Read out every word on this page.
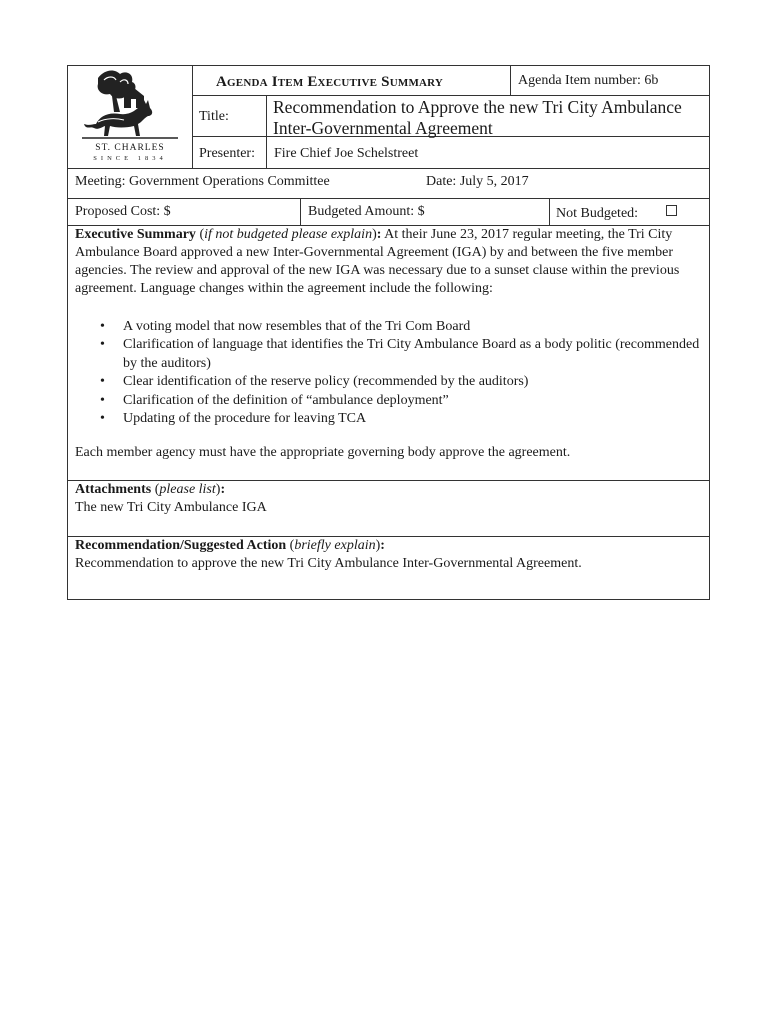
ST. CHARLES
SINCE 1834
Agenda Item Executive Summary	Agenda Item number: 6b
Title:	Recommendation to Approve the new Tri City Ambulance Inter-Governmental Agreement
Presenter: Fire Chief Joe Schelstreet
Meeting: Government Operations Committee	Date: July 5, 2017
Proposed Cost: $	Budgeted Amount: $	Not Budgeted:

Executive Summary (if not budgeted please explain): At their June 23, 2017 regular meeting, the Tri City Ambulance Board approved a new Inter-Governmental Agreement (IGA) by and between the five member agencies. The review and approval of the new IGA was necessary due to a sunset clause within the previous agreement. Language changes within the agreement include the following:

• A voting model that now resembles that of the Tri Com Board
• Clarification of language that identifies the Tri City Ambulance Board as a body politic (recommended by the auditors)
• Clear identification of the reserve policy (recommended by the auditors)
• Clarification of the definition of “ambulance deployment”
• Updating of the procedure for leaving TCA
Each member agency must have the appropriate governing body approve the agreement.
Attachments (please list):
The new Tri City Ambulance IGA
Recommendation/Suggested Action (briefly explain):
Recommendation to approve the new Tri City Ambulance Inter-Governmental Agreement.
